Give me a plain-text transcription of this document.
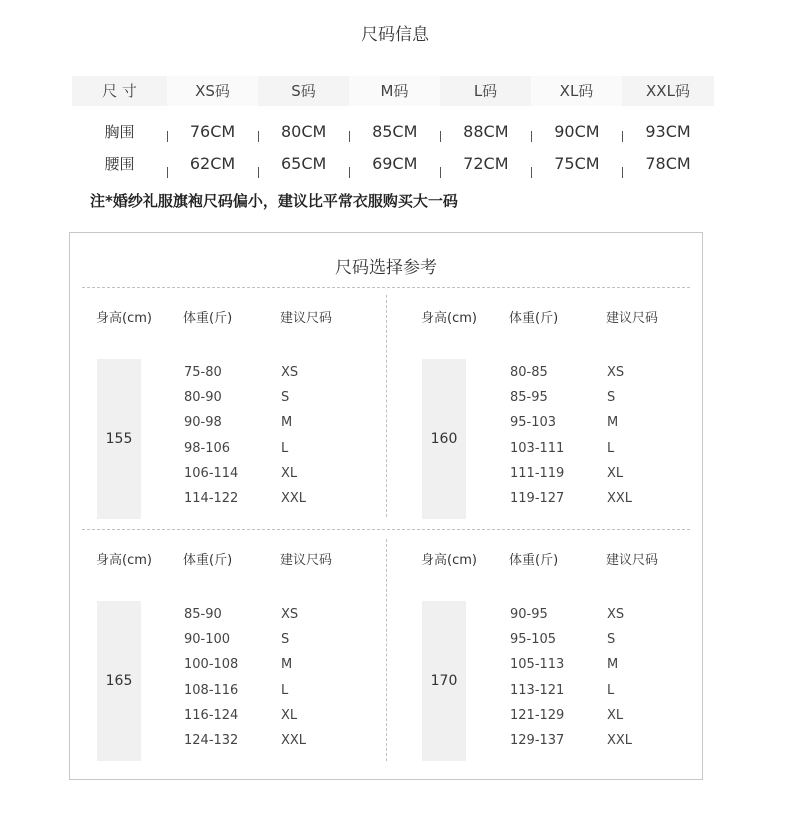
尺码信息
尺 寸	XS码	S码	M码	L码	XL码	XXL码
胸围	76CM	80CM	85CM	88CM	90CM	93CM
腰围	62CM	65CM	69CM	72CM	75CM	78CM
注*婚纱礼服旗袍尺码偏小，建议比平常衣服购买大一码
尺码选择参考
身高(cm) 体重(斤)	建议尺码
155
75-80	XS
80-90	S
90-98	M
98-106	L
106-114	XL
114-122	XXL
身高(cm) 体重(斤)	建议尺码
160
80-85	XS
85-95	S
95-103	M
103-111	L
111-119	XL
119-127	XXL
身高(cm) 体重(斤)	建议尺码
165
85-90	XS
90-100	S
100-108	M
108-116	L
116-124	XL
124-132	XXL
身高(cm) 体重(斤)	建议尺码
170
90-95	XS
95-105	S
105-113	M
113-121	L
121-129	XL
129-137	XXL
